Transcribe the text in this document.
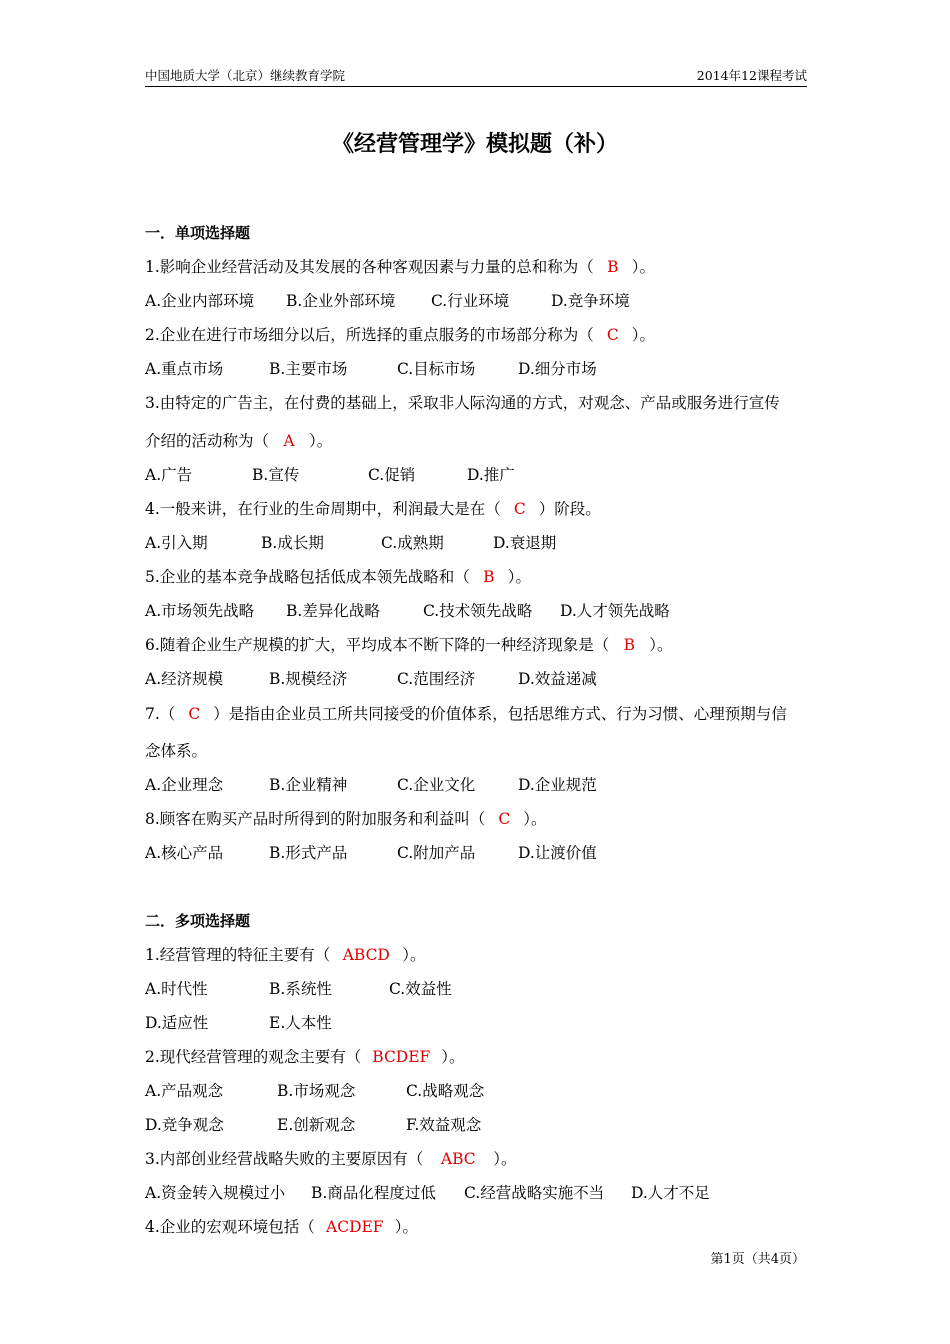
中国地质大学（北京）继续教育学院	2014年12课程考试
《经营管理学》模拟题（补）
一．单项选择题
1.影响企业经营活动及其发展的各种客观因素与力量的总和称为（ B ）。
A.企业内部环境 B.企业外部环境 C.行业环境	D.竞争环境
2.企业在进行市场细分以后，所选择的重点服务的市场部分称为（ C ）。
A.重点市场	B.主要市场	C.目标市场	D.细分市场
3.由特定的广告主，在付费的基础上，采取非人际沟通的方式，对观念、产品或服务进行宣传
介绍的活动称为（ A ）。
A.广告	B.宣传	C.促销	D.推广
4.一般来讲，在行业的生命周期中，利润最大是在（ C ）阶段。
A.引入期	B.成长期	C.成熟期	D.衰退期
5.企业的基本竞争战略包括低成本领先战略和（ B ）。
A.市场领先战略 B.差异化战略	C.技术领先战略 D.人才领先战略
6.随着企业生产规模的扩大，平均成本不断下降的一种经济现象是（ B ）。
A.经济规模	B.规模经济	C.范围经济	D.效益递减
7.（ C ）是指由企业员工所共同接受的价值体系，包括思维方式、行为习惯、心理预期与信
念体系。
A.企业理念	B.企业精神	C.企业文化	D.企业规范
8.顾客在购买产品时所得到的附加服务和利益叫（ C ）。
A.核心产品	B.形式产品	C.附加产品	D.让渡价值
二．多项选择题
1.经营管理的特征主要有（ ABCD ）。
A.时代性	B.系统性	C.效益性
D.适应性	E.人本性
2.现代经营管理的观念主要有（ BCDEF ）。
A.产品观念	B.市场观念	C.战略观念
D.竞争观念	E.创新观念	F.效益观念
3.内部创业经营战略失败的主要原因有（ ABC ）。
A.资金转入规模过小 B.商品化程度过低 C.经营战略实施不当 D.人才不足
4.企业的宏观环境包括（ ACDEF ）。
第1页（共4页）
